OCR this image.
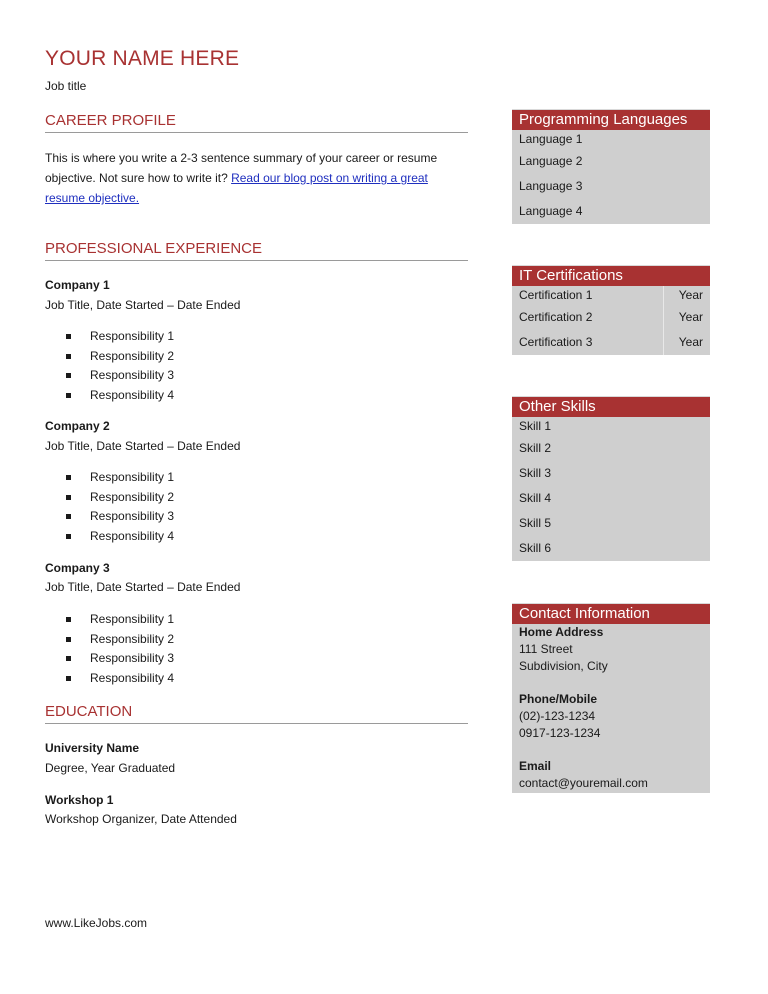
YOUR NAME HERE
Job title
CAREER PROFILE
This is where you write a 2-3 sentence summary of your career or resume objective. Not sure how to write it? Read our blog post on writing a great resume objective.
PROFESSIONAL EXPERIENCE
Company 1
Job Title, Date Started – Date Ended
Responsibility 1
Responsibility 2
Responsibility 3
Responsibility 4
Company 2
Job Title, Date Started – Date Ended
Responsibility 1
Responsibility 2
Responsibility 3
Responsibility 4
Company 3
Job Title, Date Started – Date Ended
Responsibility 1
Responsibility 2
Responsibility 3
Responsibility 4
EDUCATION
University Name
Degree, Year Graduated
Workshop 1
Workshop Organizer, Date Attended
www.LikeJobs.com
Programming Languages
Language 1
Language 2
Language 3
Language 4
IT Certifications
Certification 1	Year
Certification 2	Year
Certification 3	Year
Other Skills
Skill 1
Skill 2
Skill 3
Skill 4
Skill 5
Skill 6
Contact Information
Home Address
111 Street
Subdivision, City
Phone/Mobile
(02)-123-1234
0917-123-1234
Email
contact@youremail.com
